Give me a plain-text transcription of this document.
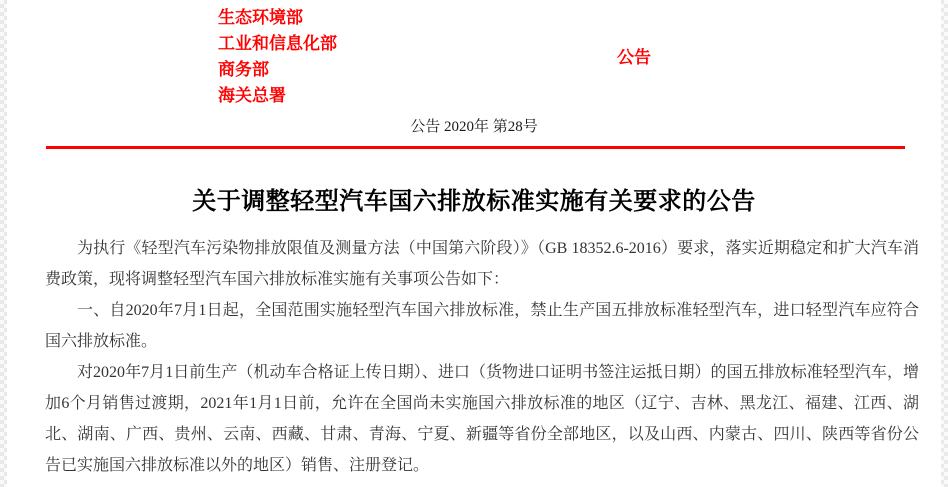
生态环境部
工业和信息化部
商务部
海关总署
公告
公告 2020年 第28号
关于调整轻型汽车国六排放标准实施有关要求的公告

为执行《轻型汽车污染物排放限值及测量方法（中国第六阶段）》（GB 18352.6-2016）要求，落实近期稳定和扩大汽车消费政策，现将调整轻型汽车国六排放标准实施有关事项公告如下：

一、自2020年7月1日起，全国范围实施轻型汽车国六排放标准，禁止生产国五排放标准轻型汽车，进口轻型汽车应符合国六排放标准。

对2020年7月1日前生产（机动车合格证上传日期）、进口（货物进口证明书签注运抵日期）的国五排放标准轻型汽车，增加6个月销售过渡期，2021年1月1日前，允许在全国尚未实施国六排放标准的地区（辽宁、吉林、黑龙江、福建、江西、湖北、湖南、广西、贵州、云南、西藏、甘肃、青海、宁夏、新疆等省份全部地区，以及山西、内蒙古、四川、陕西等省份公告已实施国六排放标准以外的地区）销售、注册登记。
